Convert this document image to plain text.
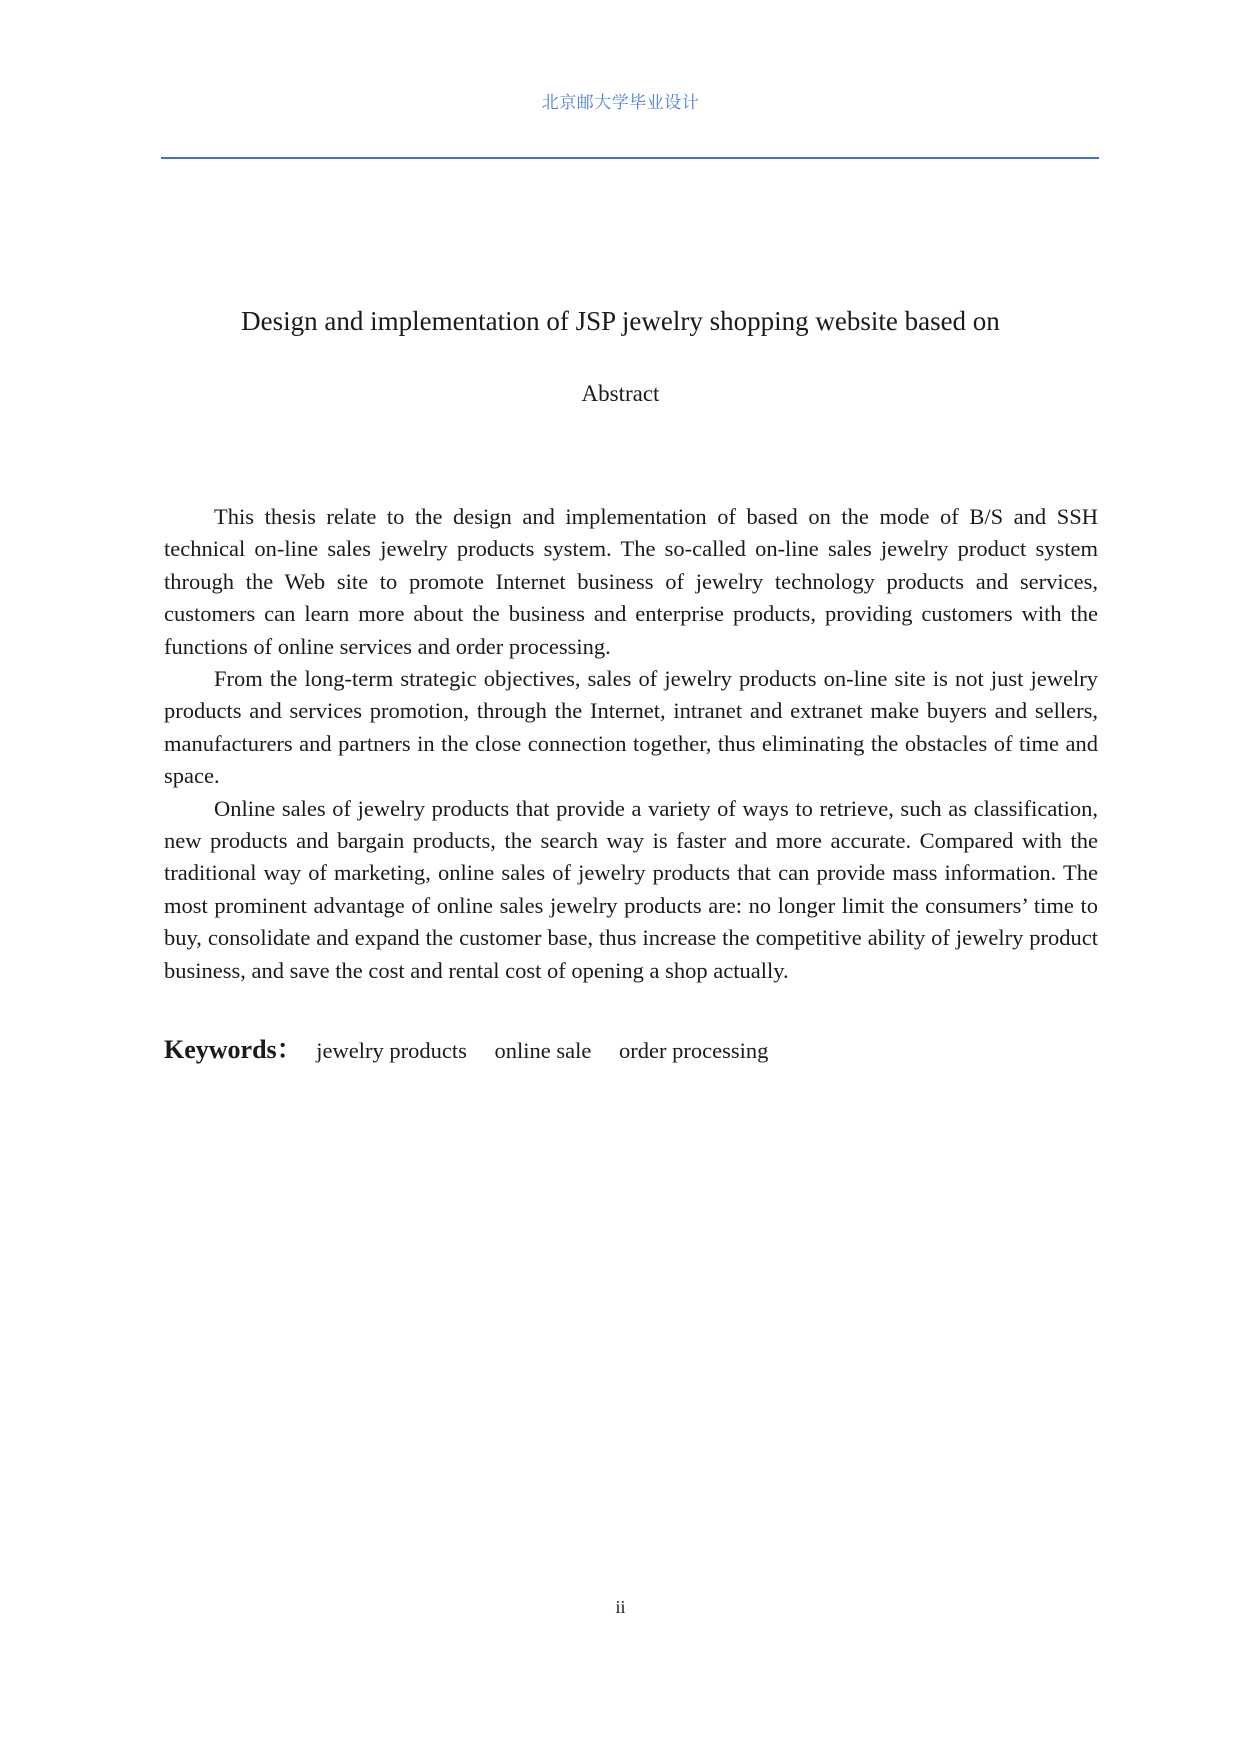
北京邮大学毕业设计
Design and implementation of JSP jewelry shopping website based on
Abstract

This thesis relate to the design and implementation of based on the mode of B/S and SSH technical on-line sales jewelry products system. The so-called on-line sales jewelry product system through the Web site to promote Internet business of jewelry technology products and services, customers can learn more about the business and enterprise products, providing customers with the functions of online services and order processing.

From the long-term strategic objectives, sales of jewelry products on-line site is not just jewelry products and services promotion, through the Internet, intranet and extranet make buyers and sellers, manufacturers and partners in the close connection together, thus eliminating the obstacles of time and space.

Online sales of jewelry products that provide a variety of ways to retrieve, such as classification, new products and bargain products, the search way is faster and more accurate. Compared with the traditional way of marketing, online sales of jewelry products that can provide mass information. The most prominent advantage of online sales jewelry products are: no longer limit the consumers’ time to buy, consolidate and expand the customer base, thus increase the competitive ability of jewelry product business, and save the cost and rental cost of opening a shop actually.

Keywords： jewelry products online sale order processing
ii
